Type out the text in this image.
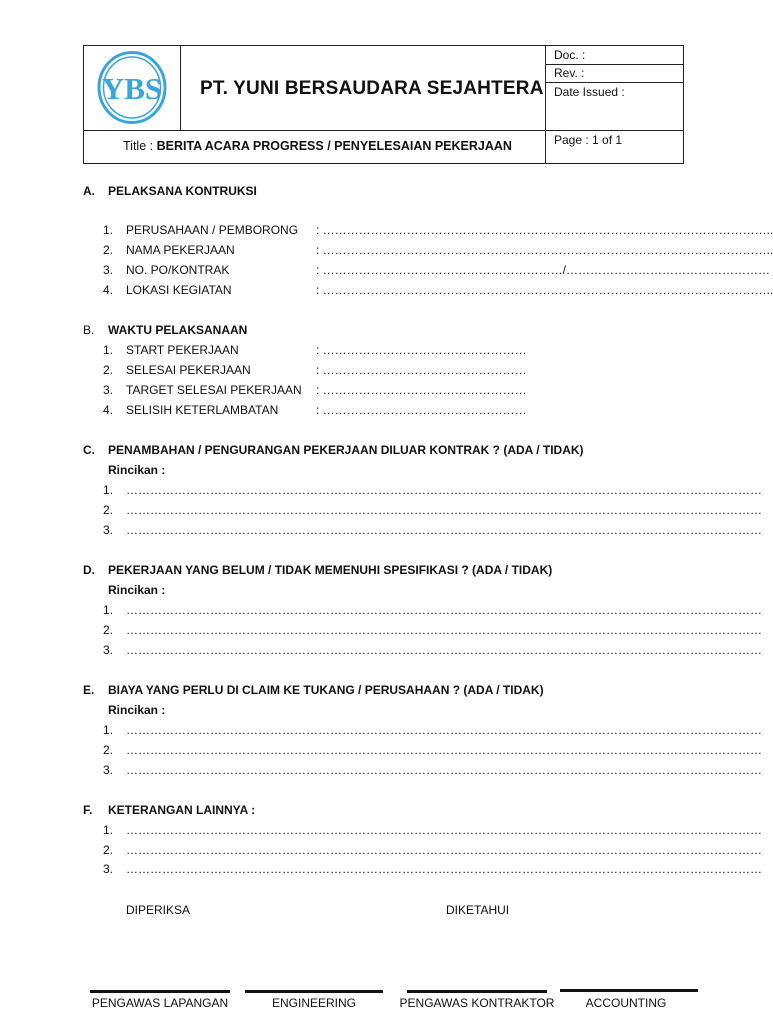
YBS PT. YUNI BERSAUDARA SEJAHTERA
Doc. :
Rev. :
Date Issued :
Title : BERITA ACARA PROGRESS / PENYELESAIAN PEKERJAAN	Page : 1 of 1
A. PELAKSANA KONTRUKSI
1. PERUSAHAAN / PEMBORONG : …………………………………………………………………………………………………..
2. NAMA PEKERJAAN	: …………………………………………………………………………………………………..
3. NO. PO/KONTRAK	: ……………………………………………………/……………………………………………
4. LOKASI KEGIATAN	: …………………………………………………………………………………………………..
B. WAKTU PELAKSANAAN
1. START PEKERJAAN	: ……………………………………………
2. SELESAI PEKERJAAN	: ……………………………………………
3. TARGET SELESAI PEKERJAAN : ……………………………………………
4. SELISIH KETERLAMBATAN	: ……………………………………………
C. PENAMBAHAN / PENGURANGAN PEKERJAAN DILUAR KONTRAK ? (ADA / TIDAK)
Rincikan :
1. ……………………………………………………………………………………………………………………………………………
2. ……………………………………………………………………………………………………………………………………………
3. ……………………………………………………………………………………………………………………………………………
D. PEKERJAAN YANG BELUM / TIDAK MEMENUHI SPESIFIKASI ? (ADA / TIDAK)
Rincikan :
1. ……………………………………………………………………………………………………………………………………………
2. ……………………………………………………………………………………………………………………………………………
3. ……………………………………………………………………………………………………………………………………………
E. BIAYA YANG PERLU DI CLAIM KE TUKANG / PERUSAHAAN ? (ADA / TIDAK)
Rincikan :
1. ……………………………………………………………………………………………………………………………………………
2. ……………………………………………………………………………………………………………………………………………
3. ……………………………………………………………………………………………………………………………………………
F. KETERANGAN LAINNYA :
1. ……………………………………………………………………………………………………………………………………………
2. ……………………………………………………………………………………………………………………………………………
3. ……………………………………………………………………………………………………………………………………………
DIPERIKSA	DIKETAHUI
PENGAWAS LAPANGAN	ENGINEERING	PENGAWAS KONTRAKTOR	ACCOUNTING
